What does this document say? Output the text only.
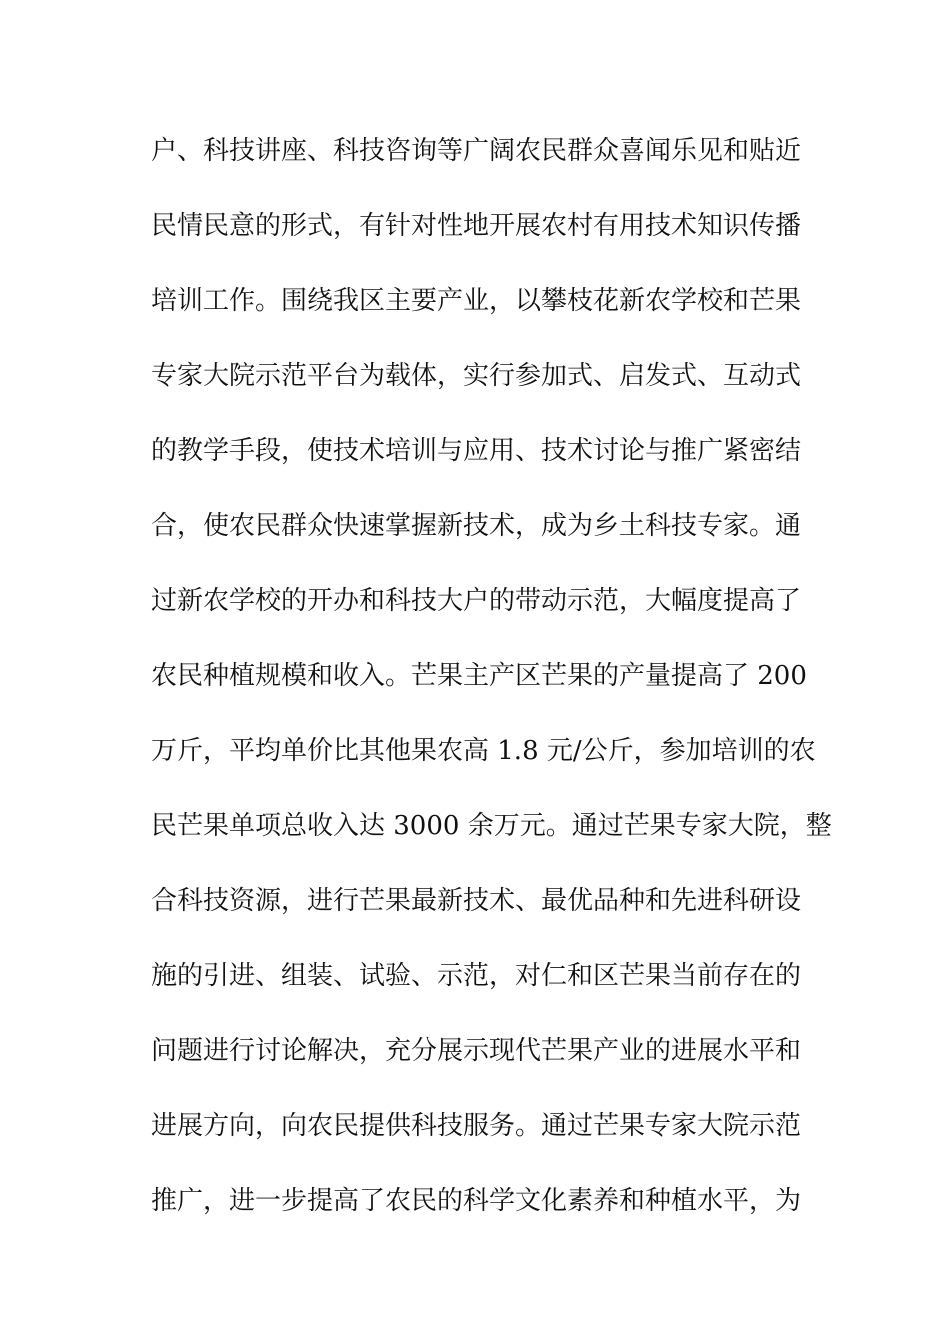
户、科技讲座、科技咨询等广阔农民群众喜闻乐见和贴近
民情民意的形式，有针对性地开展农村有用技术知识传播
培训工作。围绕我区主要产业，以攀枝花新农学校和芒果
专家大院示范平台为载体，实行参加式、启发式、互动式
的教学手段，使技术培训与应用、技术讨论与推广紧密结
合，使农民群众快速掌握新技术，成为乡土科技专家。通
过新农学校的开办和科技大户的带动示范，大幅度提高了
农民种植规模和收入。芒果主产区芒果的产量提高了 200
万斤，平均单价比其他果农高 1.8 元/公斤，参加培训的农
民芒果单项总收入达 3000 余万元。通过芒果专家大院，整
合科技资源，进行芒果最新技术、最优品种和先进科研设
施的引进、组装、试验、示范，对仁和区芒果当前存在的
问题进行讨论解决，充分展示现代芒果产业的进展水平和
进展方向，向农民提供科技服务。通过芒果专家大院示范
推广，进一步提高了农民的科学文化素养和种植水平，为
